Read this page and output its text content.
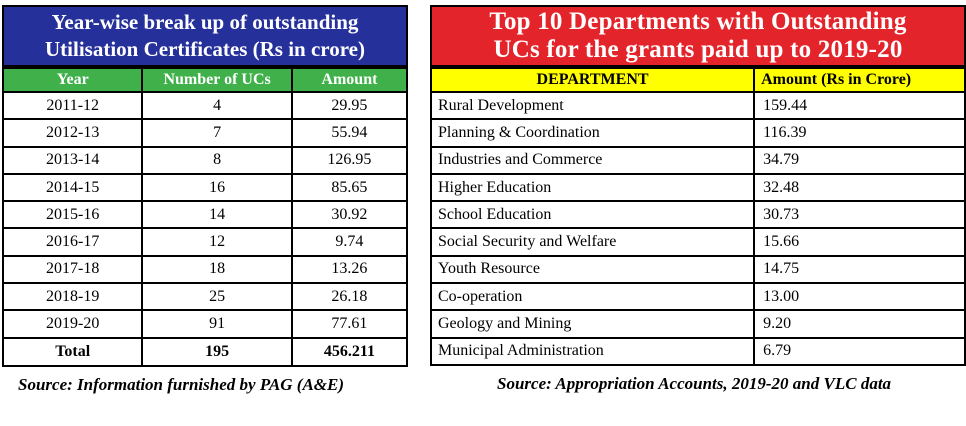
Year-wise break up of outstanding
Utilisation Certificates (Rs in crore)
Year	Number of UCs	Amount
2011-12	4	29.95
2012-13	7	55.94
2013-14	8	126.95
2014-15	16	85.65
2015-16	14	30.92
2016-17	12	9.74
2017-18	18	13.26
2018-19	25	26.18
2019-20	91	77.61
Total	195	456.211
Top 10 Departments with Outstanding
UCs for the grants paid up to 2019-20
DEPARTMENT	Amount (Rs in Crore)
Rural Development	159.44
Planning & Coordination	116.39
Industries and Commerce	34.79
Higher Education	32.48
School Education	30.73
Social Security and Welfare	15.66
Youth Resource	14.75
Co-operation	13.00
Geology and Mining	9.20
Municipal Administration	6.79
Source: Information furnished by PAG (A&E)	Source: Appropriation Accounts, 2019-20 and VLC data
